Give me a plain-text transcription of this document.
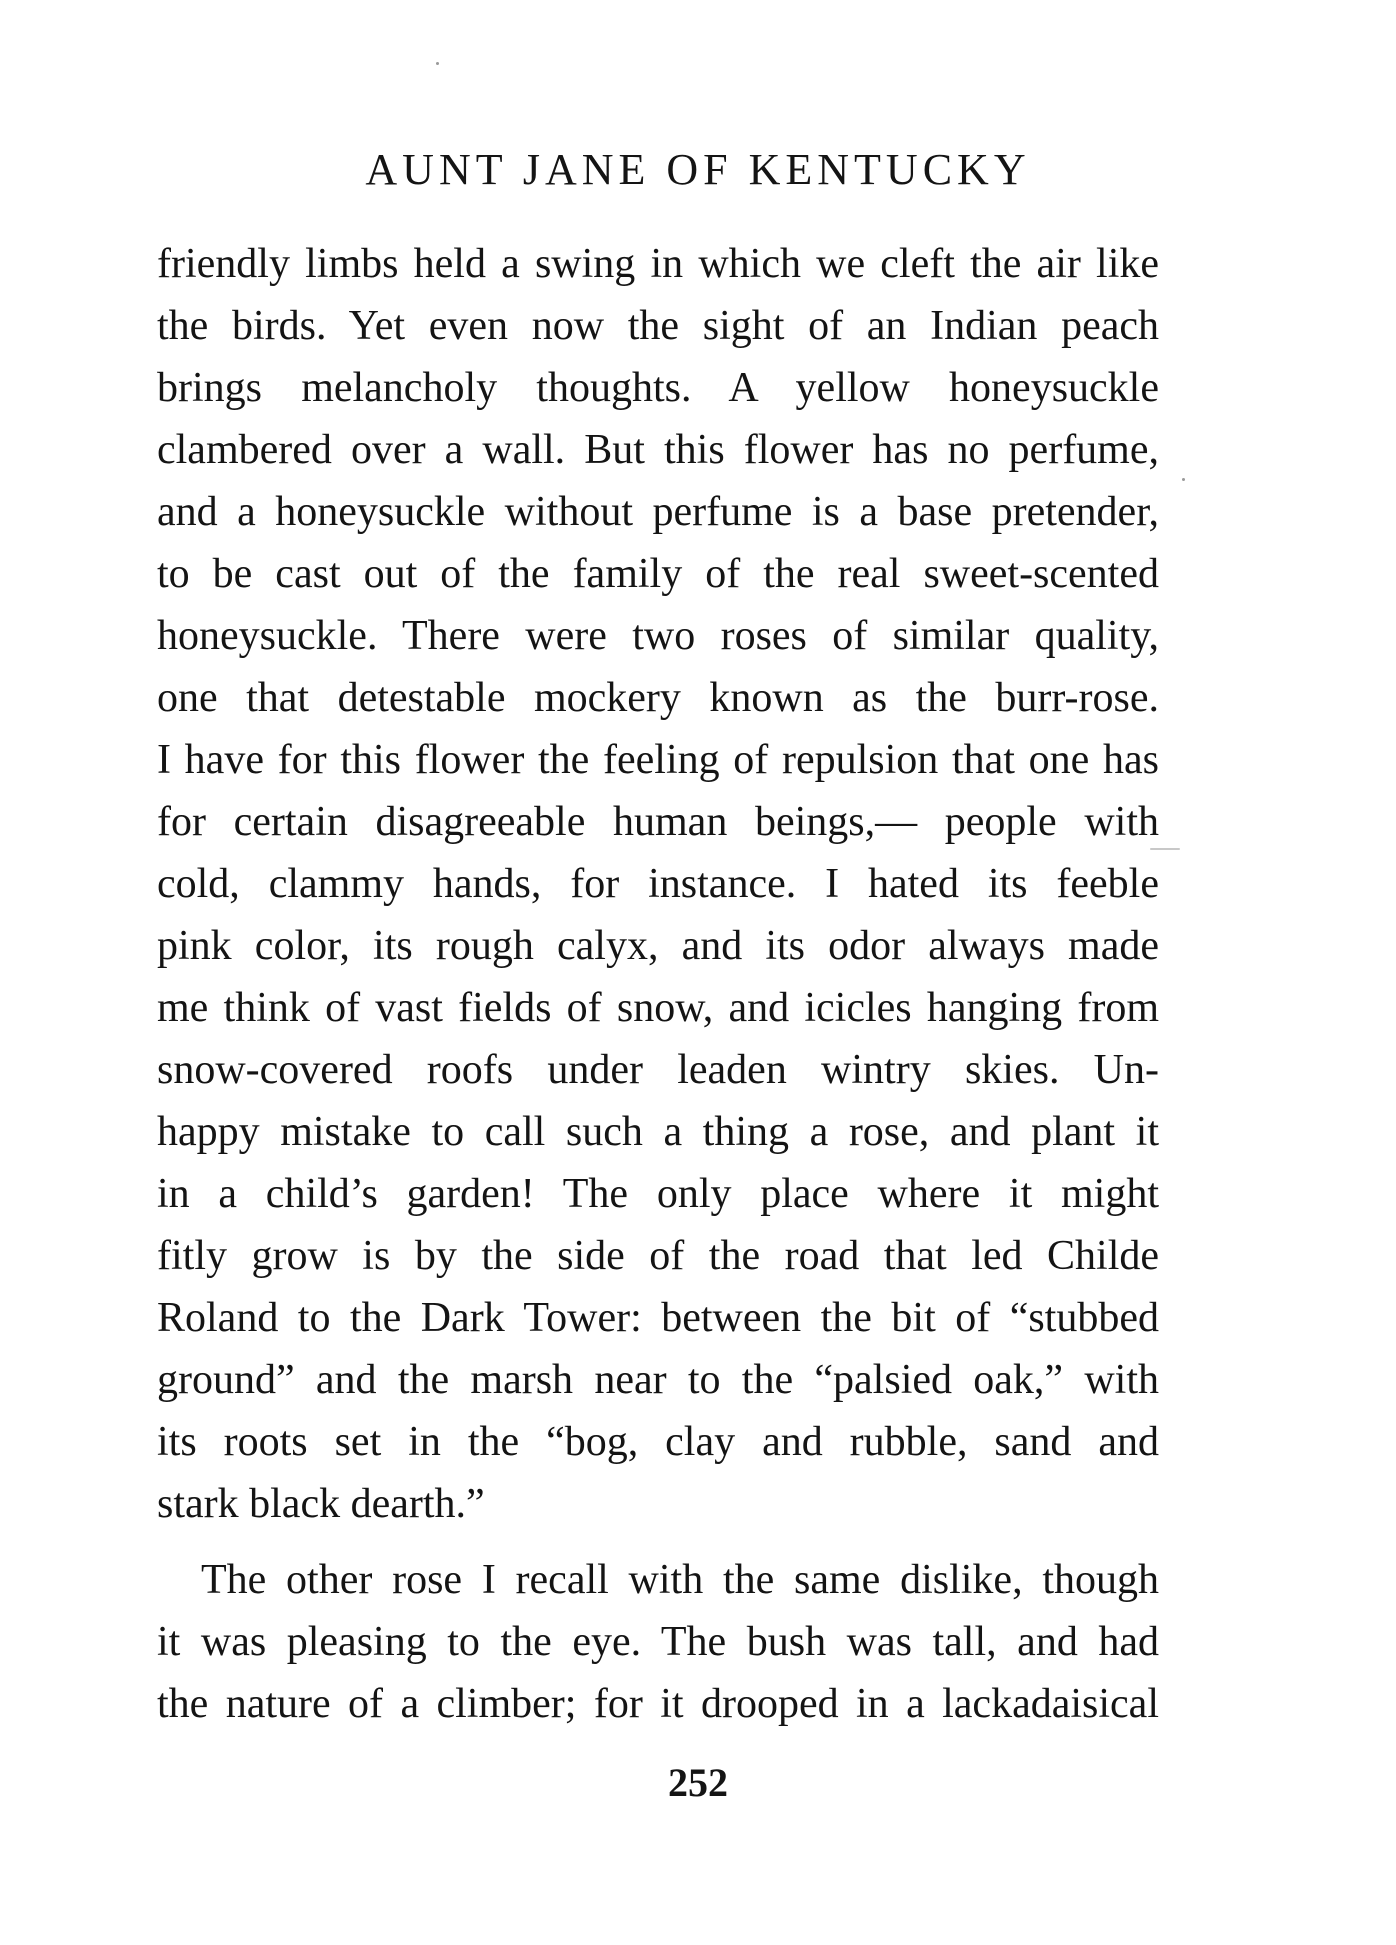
AUNT JANE OF KENTUCKY
friendly limbs held a swing in which we cleft the air like
the birds. Yet even now the sight of an Indian peach
brings melancholy thoughts. A yellow honeysuckle
clambered over a wall. But this flower has no perfume,
and a honeysuckle without perfume is a base pretender,
to be cast out of the family of the real sweet-scented
honeysuckle. There were two roses of similar quality,
one that detestable mockery known as the burr-rose.
I have for this flower the feeling of repulsion that one has
for certain disagreeable human beings,— people with
cold, clammy hands, for instance. I hated its feeble
pink color, its rough calyx, and its odor always made
me think of vast fields of snow, and icicles hanging from
snow-covered roofs under leaden wintry skies. Un-
happy mistake to call such a thing a rose, and plant it
in a child’s garden! The only place where it might
fitly grow is by the side of the road that led Childe
Roland to the Dark Tower: between the bit of “stubbed
ground” and the marsh near to the “palsied oak,” with
its roots set in the “bog, clay and rubble, sand and
stark black dearth.”
The other rose I recall with the same dislike, though
it was pleasing to the eye. The bush was tall, and had
the nature of a climber; for it drooped in a lackadaisical
252
